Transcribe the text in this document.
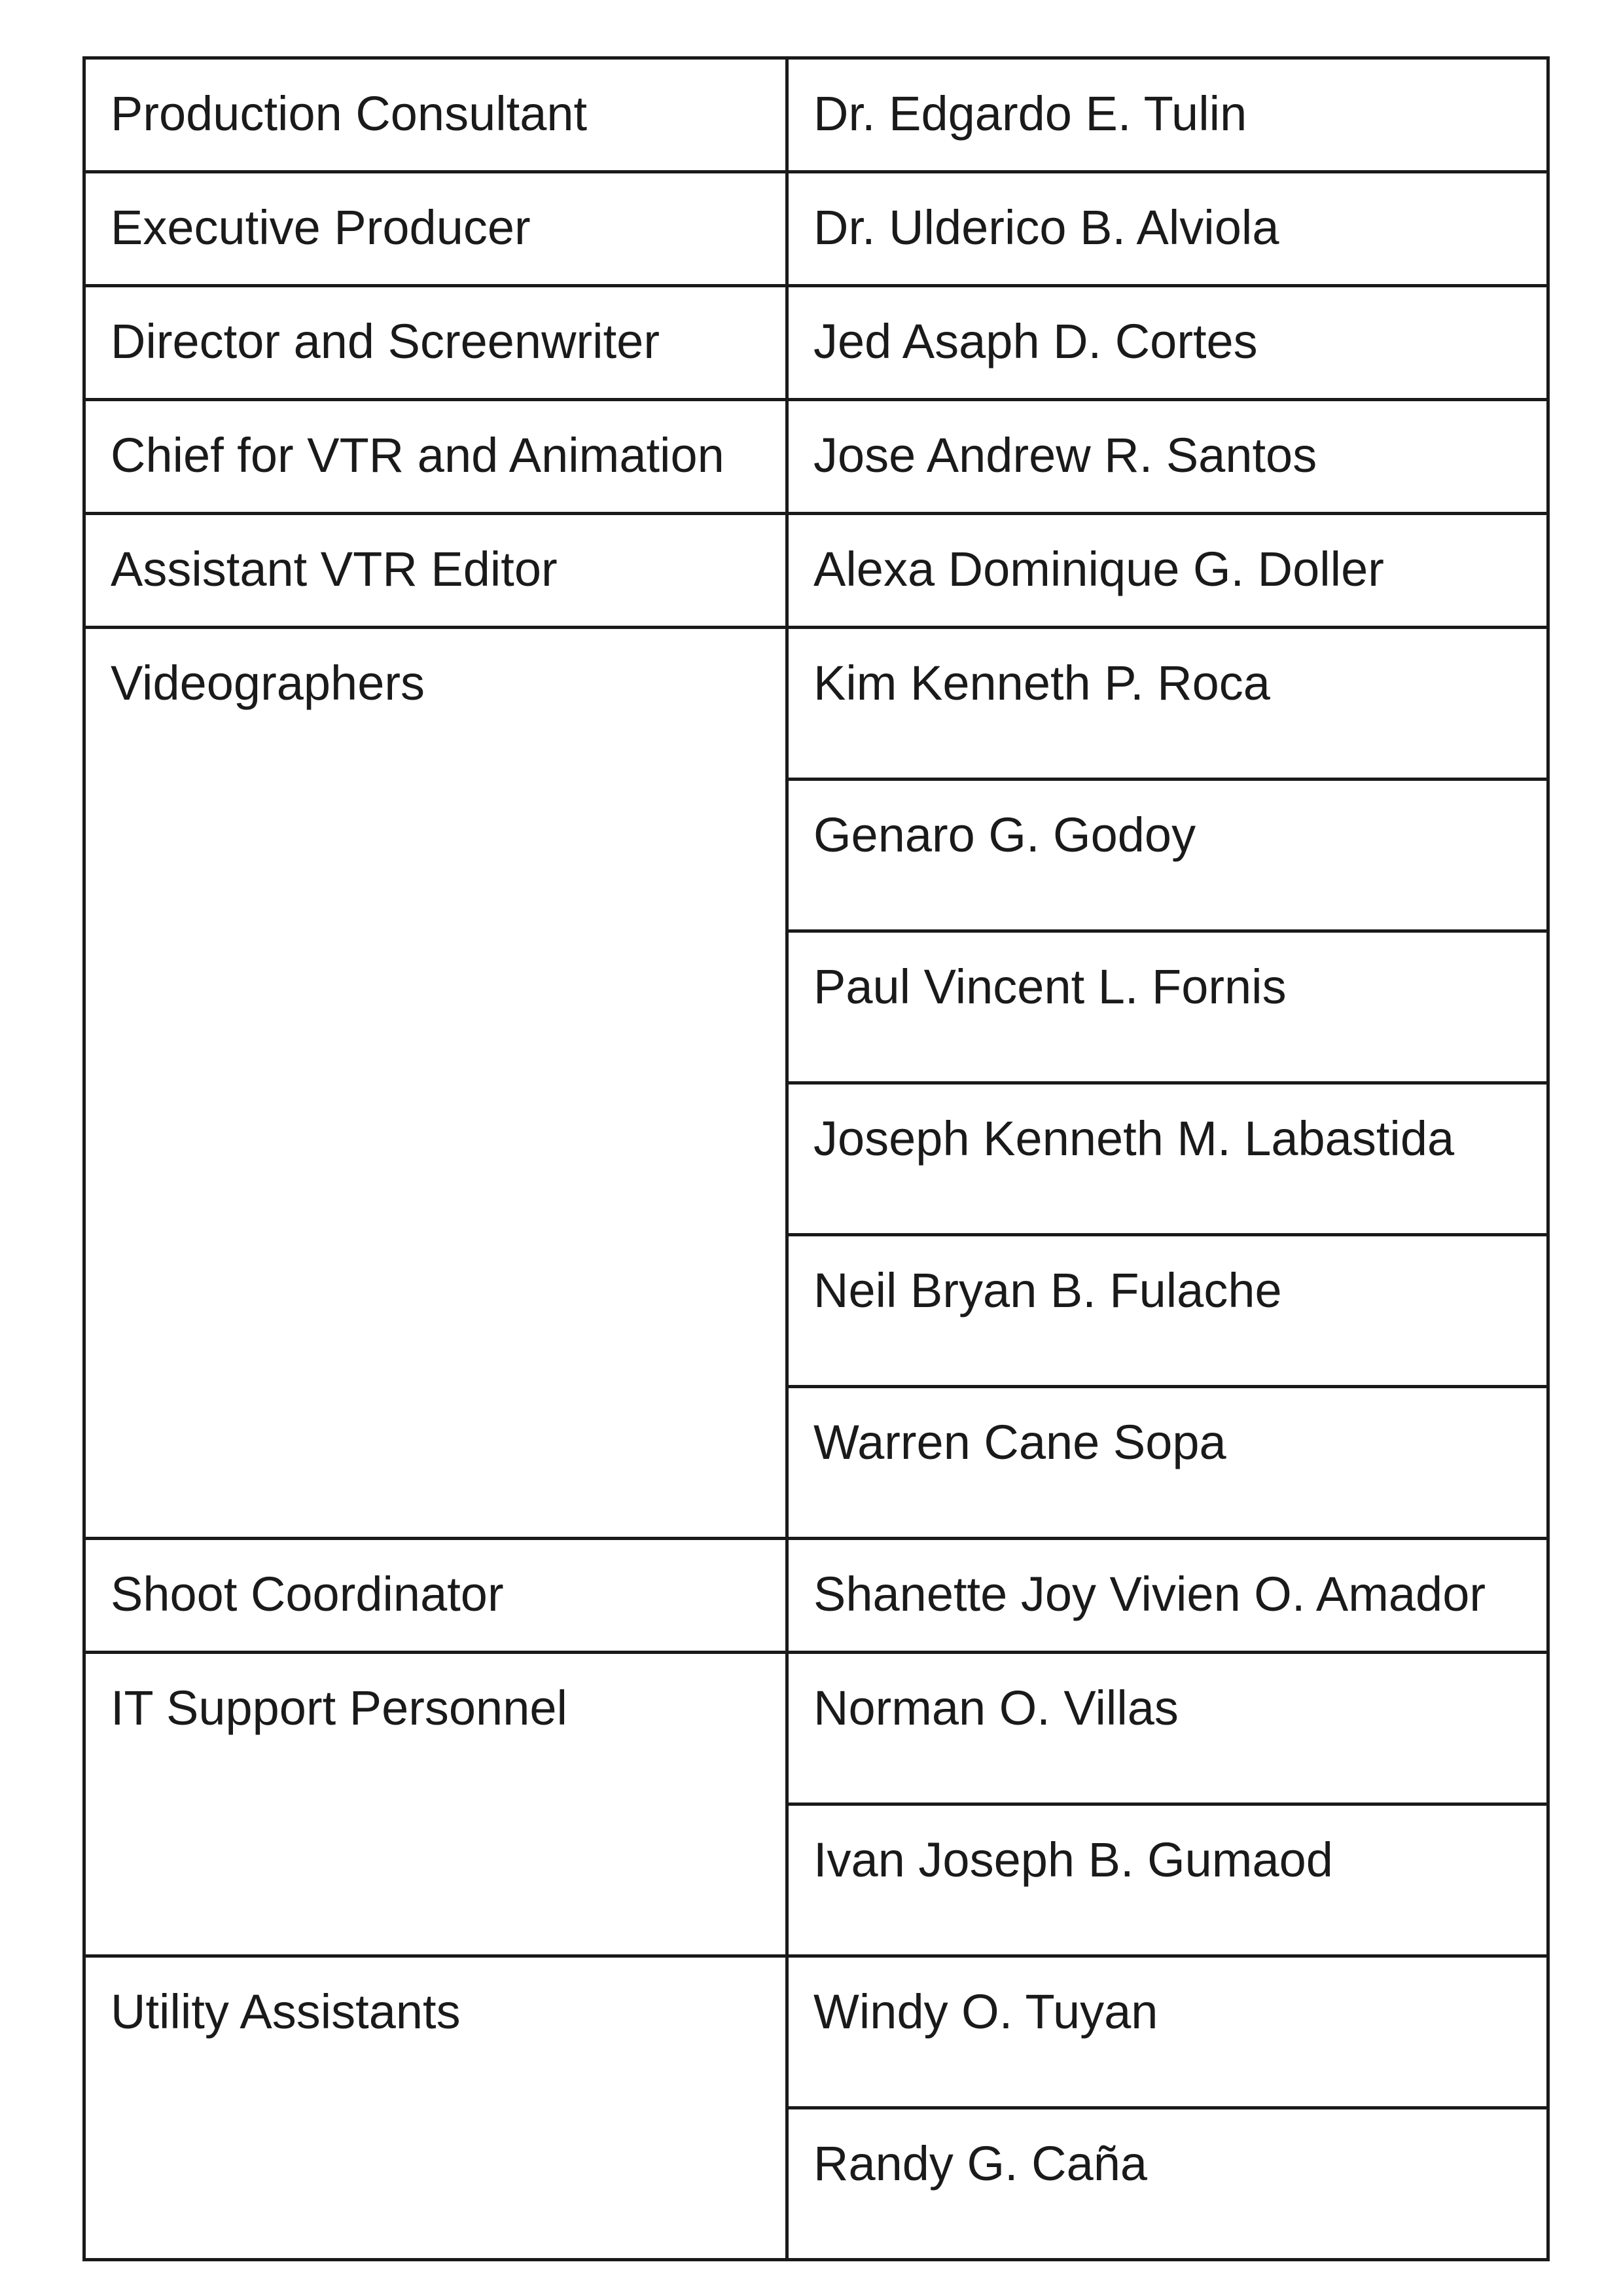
Production Consultant	Dr. Edgardo E. Tulin

Executive Producer	Dr. Ulderico B. Alviola

Director and Screenwriter	Jed Asaph D. Cortes

Chief for VTR and Animation	Jose Andrew R. Santos

Assistant VTR Editor	Alexa Dominique G. Doller

Videographers	Kim Kenneth P. Roca

	Genaro G. Godoy

	Paul Vincent L. Fornis

	Joseph Kenneth M. Labastida

	Neil Bryan B. Fulache

	Warren Cane Sopa

Shoot Coordinator	Shanette Joy Vivien O. Amador

IT Support Personnel	Norman O. Villas

	Ivan Joseph B. Gumaod

Utility Assistants	Windy O. Tuyan

	Randy G. Caña
